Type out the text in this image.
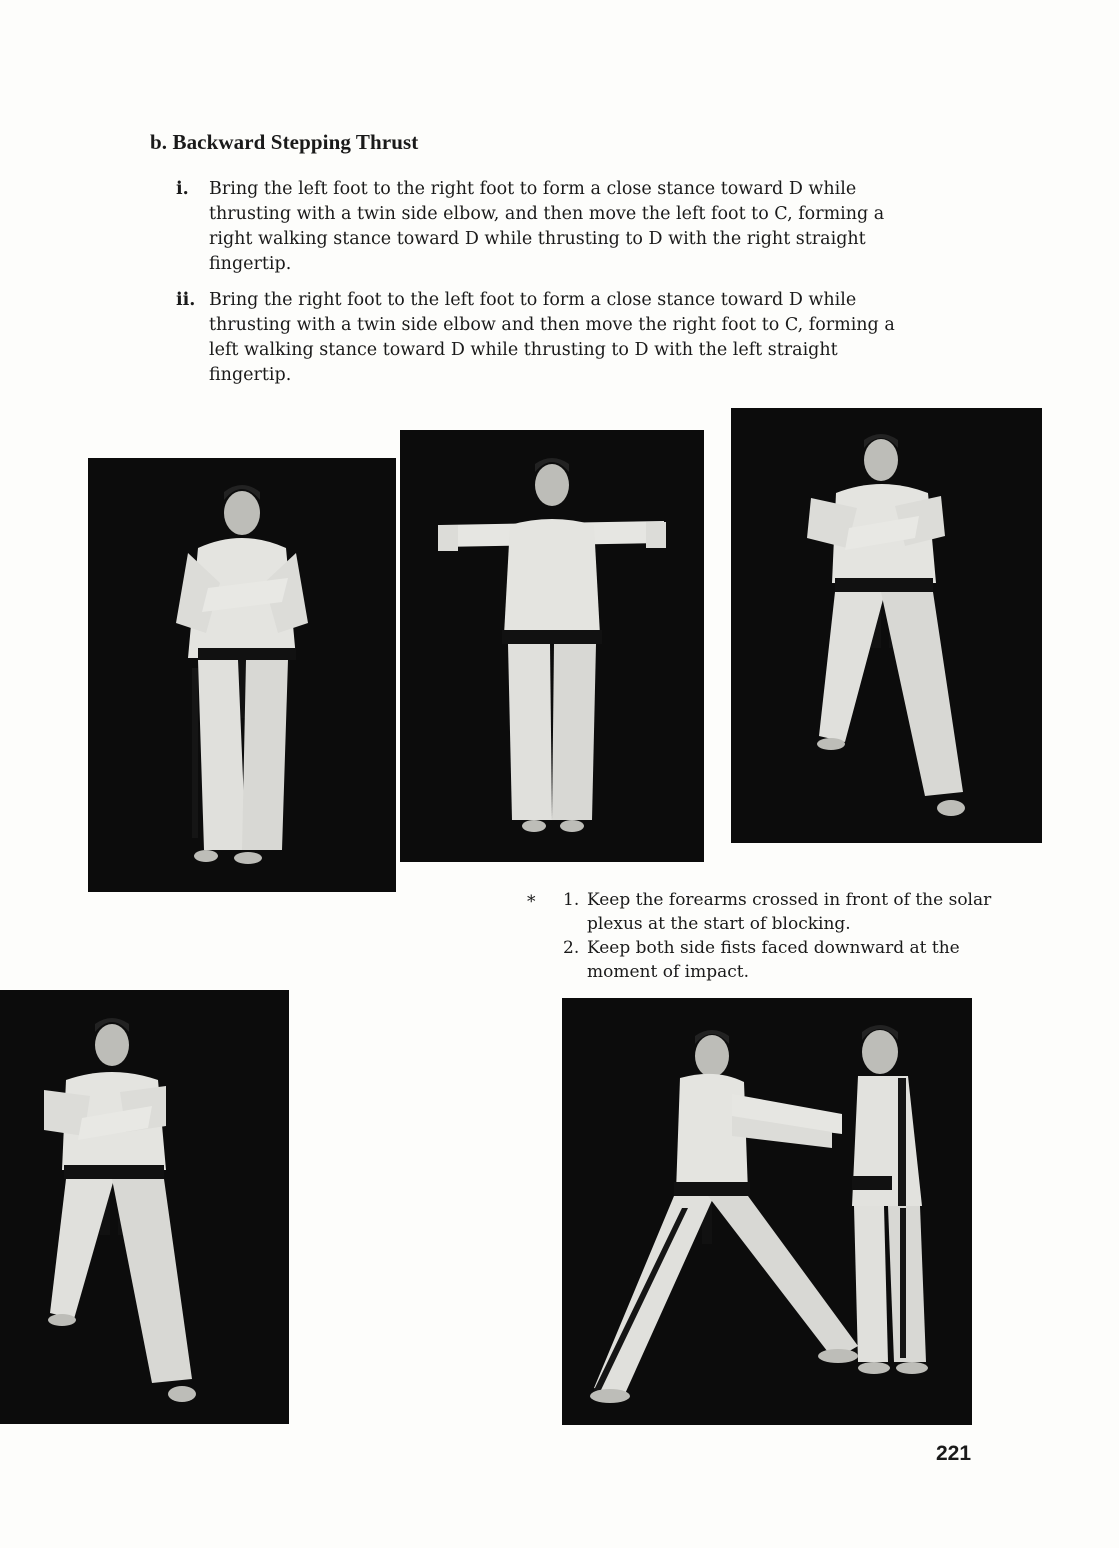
b. Backward Stepping Thrust
i. Bring the left foot to the right foot to form a close stance toward D while thrusting with a twin side elbow, and then move the left foot to C, forming a right walking stance toward D while thrusting to D with the right straight fingertip.
ii. Bring the right foot to the left foot to form a close stance toward D while thrusting with a twin side elbow and then move the right foot to C, forming a left walking stance toward D while thrusting to D with the left straight fingertip.
* 1. Keep the forearms crossed in front of the solar plexus at the start of blocking.
2. Keep both side fists faced downward at the moment of impact.
221
